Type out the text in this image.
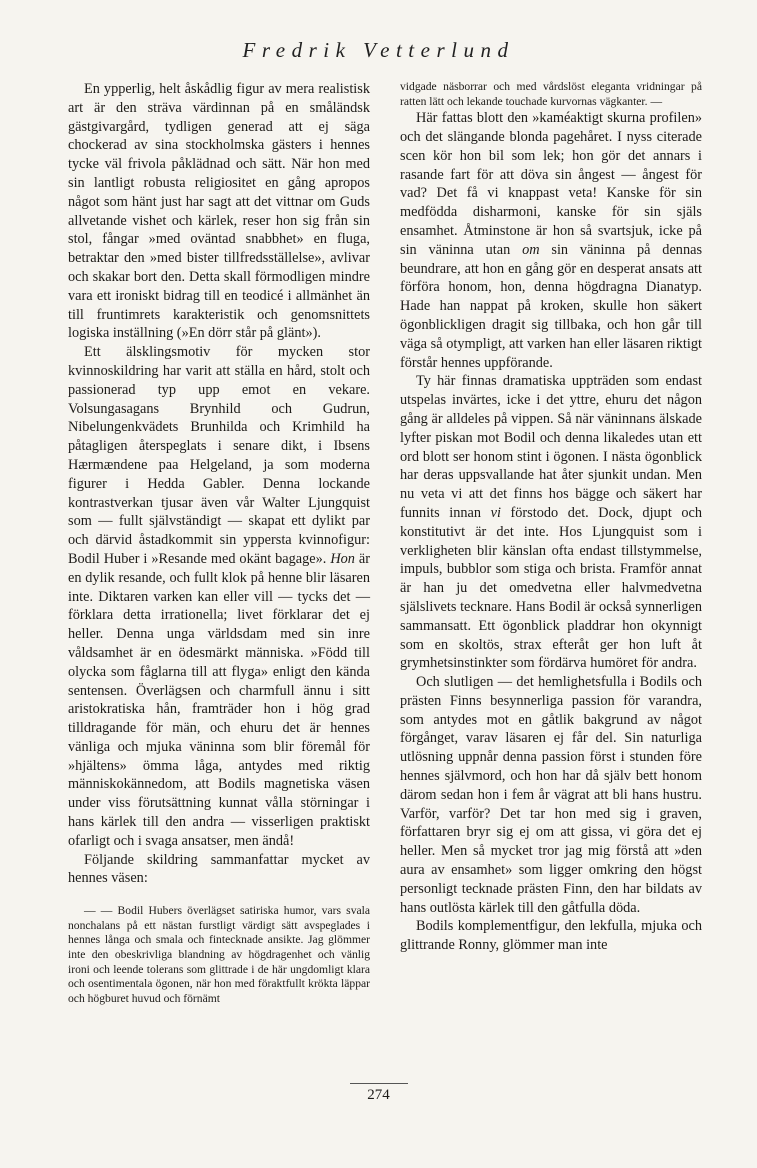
Fredrik Vetterlund

En ypperlig, helt åskådlig figur av mera realistisk art är den sträva värdinnan på en småländsk gästgivargård, tydligen generad att ej säga chockerad av sina stockholmska gästers i hennes tycke väl frivola påklädnad och sätt. När hon med sin lantligt robusta religiositet en gång apropos något som hänt just har sagt att det vittnar om Guds allvetande vishet och kärlek, reser hon sig från sin stol, fångar »med oväntad snabbhet» en fluga, betraktar den »med bister tillfredsställelse», avlivar och skakar bort den. Detta skall förmodligen mindre vara ett ironiskt bidrag till en teodicé i allmänhet än till fruntimrets karakteristik och genomsnittets logiska inställning (»En dörr står på glänt»).

Ett älsklingsmotiv för mycken stor kvinnoskildring har varit att ställa en hård, stolt och passionerad typ upp emot en vekare. Volsungasagans Brynhild och Gudrun, Nibelungenkvädets Brunhilda och Krimhild ha påtagligen återspeglats i senare dikt, i Ibsens Hærmændene paa Helgeland, ja som moderna figurer i Hedda Gabler. Denna lockande kontrastverkan tjusar även vår Walter Ljungquist som — fullt självständigt — skapat ett dylikt par och därvid åstadkommit sin yppersta kvinnofigur: Bodil Huber i »Resande med okänt bagage». Hon är en dylik resande, och fullt klok på henne blir läsaren inte. Diktaren varken kan eller vill — tycks det — förklara detta irrationella; livet förklarar det ej heller. Denna unga världsdam med sin inre våldsamhet är en ödesmärkt människa. »Född till olycka som fåglarna till att flyga» enligt den kända sentensen. Överlägsen och charmfull ännu i sitt aristokratiska hån, framträder hon i hög grad tilldragande för män, och ehuru det är hennes vänliga och mjuka väninna som blir föremål för »hjältens» ömma låga, antydes med riktig människokännedom, att Bodils magnetiska väsen under viss förutsättning kunnat vålla störningar i hans kärlek till den andra — visserligen praktiskt ofarligt och i svaga ansatser, men ändå!

Följande skildring sammanfattar mycket av hennes väsen:

— — Bodil Hubers överlägset satiriska humor, vars svala nonchalans på ett nästan furstligt värdigt sätt avspeglades i hennes långa och smala och fintecknade ansikte. Jag glömmer inte den obeskrivliga blandning av högdragenhet och vänlig ironi och leende tolerans som glittrade i de här ungdomligt klara och osentimentala ögonen, när hon med föraktfullt krökta läppar och högburet huvud och förnämt

vidgade näsborrar och med vårdslöst eleganta vridningar på ratten lätt och lekande touchade kurvornas vägkanter. —

Här fattas blott den »kaméaktigt skurna profilen» och det slängande blonda pagehåret. I nyss citerade scen kör hon bil som lek; hon gör det annars i rasande fart för att döva sin ångest — ångest för vad? Det få vi knappast veta! Kanske för sin medfödda disharmoni, kanske för sin själs ensamhet. Åtminstone är hon så svartsjuk, icke på sin väninna utan om sin väninna på dennas beundrare, att hon en gång gör en desperat ansats att förföra honom, hon, denna högdragna Dianatyp. Hade han nappat på kroken, skulle hon säkert ögonblickligen dragit sig tillbaka, och hon går till väga så otympligt, att varken han eller läsaren riktigt förstår hennes uppförande.

Ty här finnas dramatiska uppträden som endast utspelas invärtes, icke i det yttre, ehuru det någon gång är alldeles på vippen. Så när väninnans älskade lyfter piskan mot Bodil och denna likaledes utan ett ord blott ser honom stint i ögonen. I nästa ögonblick har deras uppsvallande hat åter sjunkit undan. Men nu veta vi att det finns hos bägge och säkert har funnits innan vi förstodo det. Dock, djupt och konstitutivt är det inte. Hos Ljungquist som i verkligheten blir känslan ofta endast tillstymmelse, impuls, bubblor som stiga och brista. Framför annat är han ju det omedvetna eller halvmedvetna själslivets tecknare. Hans Bodil är också synnerligen sammansatt. Ett ögonblick pladdrar hon okynnigt som en skoltös, strax efteråt ger hon luft åt grymhetsinstinkter som fördärva humöret för andra.

Och slutligen — det hemlighetsfulla i Bodils och prästen Finns besynnerliga passion för varandra, som antydes mot en gåtlik bakgrund av något förgånget, varav läsaren ej får del. Sin naturliga utlösning uppnår denna passion först i stunden före hennes självmord, och hon har då själv bett honom därom sedan hon i fem år vägrat att bli hans hustru. Varför, varför? Det tar hon med sig i graven, författaren bryr sig ej om att gissa, vi göra det ej heller. Men så mycket tror jag mig förstå att »den aura av ensamhet» som ligger omkring den högst personligt tecknade prästen Finn, den har bildats av hans outlösta kärlek till den gåtfulla döda.

Bodils komplementfigur, den lekfulla, mjuka och glittrande Ronny, glömmer man inte

274
